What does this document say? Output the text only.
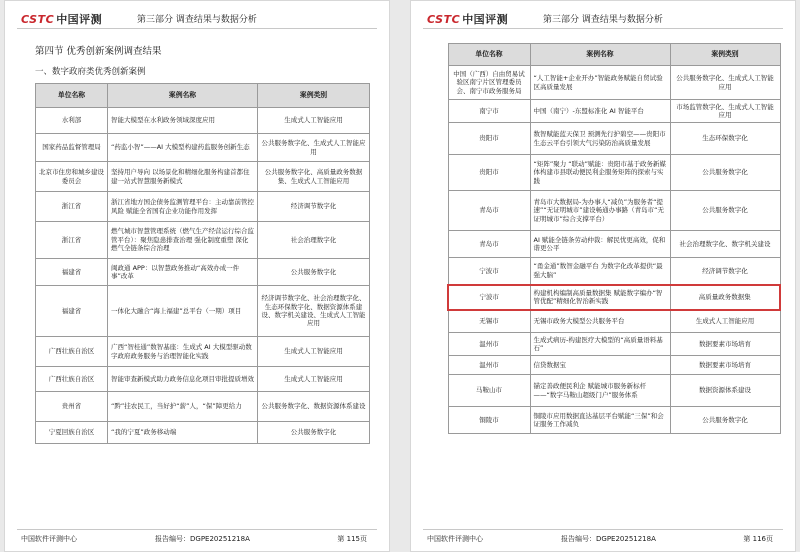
CSTC 中国评测	第三部分 调查结果与数据分析
第四节 优秀创新案例调查结果
一、数字政府类优秀创新案例
单位名称	案例名称	案例类别
水利部	智能大模型在水利政务领域深度应用	生成式人工智能应用
国家药品监督管理局	“药监小智”——AI 大模型构建药监服务创新生态	公共服务数字化、生成式人工智能应用
北京市住房和城乡建设委员会	坚持用户导向 以场景化和精细化服务构建首都住建一站式智慧服务新模式	公共服务数字化、高质量政务数据集、生成式人工智能应用
浙江省	浙江省地方国企债务监测管理平台：主动靠前管控风险 赋能全省国有企业功能作用发挥	经济调节数字化
浙江省	燃气城市智慧管理系统（燃气生产经营运行综合监管平台）：聚焦隐患排查治理 强化制度重塑 深化燃气全链条综合治理	社会治理数字化
福建省	闽政通 APP：以智慧政务推动“高效办成一件事”改革	公共服务数字化
福建省	一体化大融合“海上福建”总平台（一期）项目	经济调节数字化、社会治理数字化、生态环保数字化、数据资源体系建设、数字机关建设、生成式人工智能应用
广西壮族自治区	广西“智桂通”数智基座：生成式 AI 大模型驱动数字政府政务服务与治理智能化实践	生成式人工智能应用
广西壮族自治区	智能审查新模式助力政务信息化项目审批提质增效	生成式人工智能应用
贵州省	“黔”挂农民工，当好护“薪”人，“保”障更给力	公共服务数字化、数据资源体系建设
宁夏回族自治区	“我的宁夏”政务移动端	公共服务数字化
中国软件评测中心	报告编号：DGPE20251218A	第 115页
CSTC 中国评测	第三部分 调查结果与数据分析
单位名称	案例名称	案例类别
中国（广西）自由贸易试验区南宁片区管理委员会、南宁市政务服务局	“人工智能+企业开办”智能政务赋能自贸试验区高质量发展	公共服务数字化、生成式人工智能应用
南宁市	中国（南宁）-东盟标准化 AI 智能平台	市场监管数字化、生成式人工智能应用
贵阳市	数智赋能蓝天保卫 预测先行护碧空——贵阳市生态云平台引领大气污染防治高质量发展	生态环保数字化
贵阳市	“矩阵”聚力 “联动”赋能：贵阳市基于政务新媒体构建市县联动便民利企服务矩阵的探索与实践	公共服务数字化
青岛市	青岛市大数据局-为办事人“减负”为服务者“提速”“无证明城市”建设畅通办事路（青岛市“无证明城市”综合支撑平台）	公共服务数字化
青岛市	AI 赋能全链条劳动仲裁：解民忧更高效，促和谐更公平	社会治理数字化、数字机关建设
宁波市	“甬金通”数智金融平台 为数字化改革提供“最强大脑”	经济调节数字化
宁波市	构建机构编制高质量数据集 赋能数字编办“智管优配”精细化智治新实践	高质量政务数据集
无锡市	无锡市政务大模型公共服务平台	生成式人工智能应用
温州市	生成式病历-构建医疗大模型的“高质量语料基石”	数据要素市场培育
温州市	信贷数据宝	数据要素市场培育
马鞍山市	锚定善政便民利企 赋能城市服务新标杆——“数字马鞍山超级门户”服务体系	数据资源体系建设
铜陵市	铜陵市应用数据直达基层平台赋能“三保”和会证服务工作减负	公共服务数字化
中国软件评测中心	报告编号：DGPE20251218A	第 116页
